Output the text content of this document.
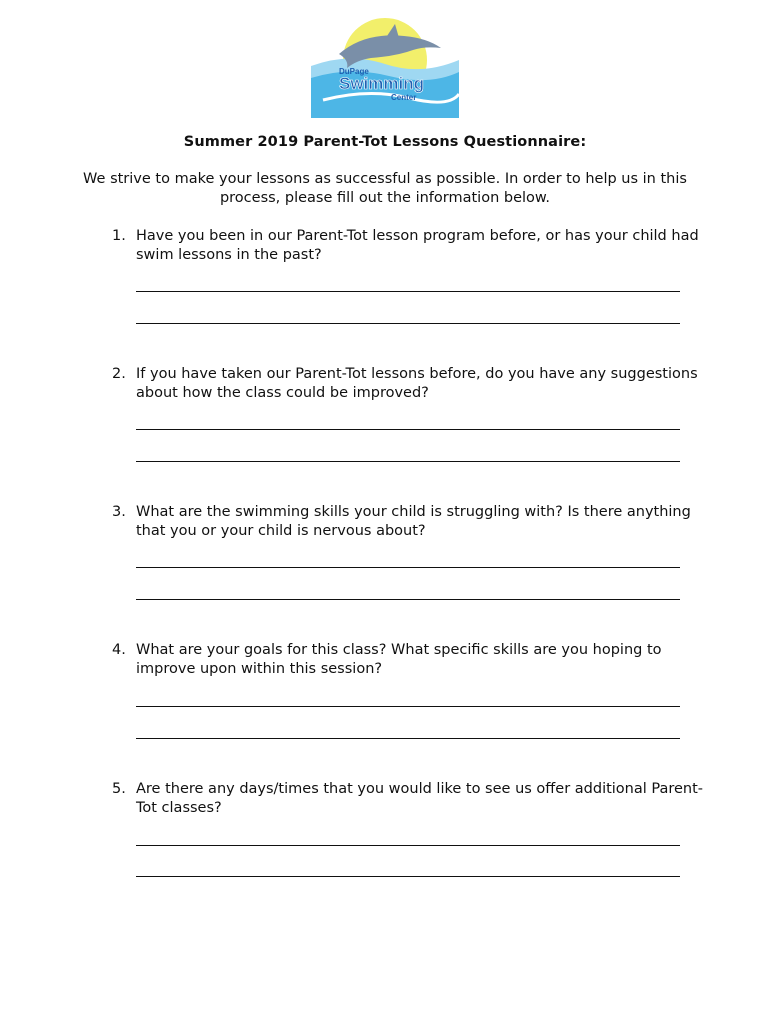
DuPage
Swimming
Center
Summer 2019 Parent-Tot Lessons Questionnaire:
We strive to make your lessons as successful as possible. In order to help us in this process, please fill out the information below.
1. Have you been in our Parent-Tot lesson program before, or has your child had swim lessons in the past?
2. If you have taken our Parent-Tot lessons before, do you have any suggestions about how the class could be improved?
3. What are the swimming skills your child is struggling with? Is there anything that you or your child is nervous about?
4. What are your goals for this class? What specific skills are you hoping to improve upon within this session?
5. Are there any days/times that you would like to see us offer additional Parent-Tot classes?
